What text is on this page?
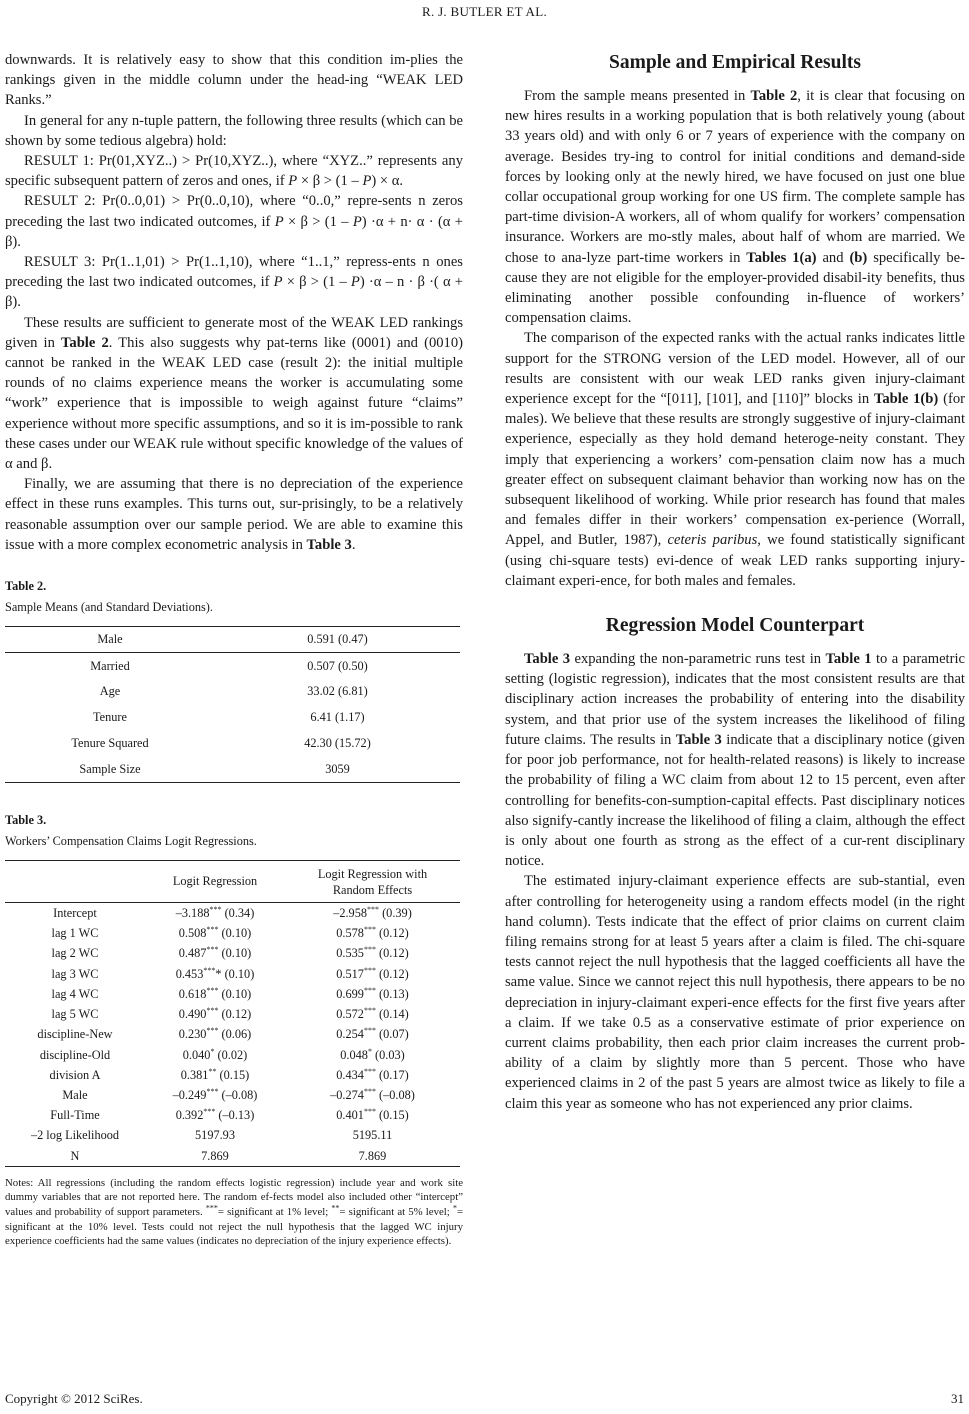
R. J. BUTLER ET AL.

downwards. It is relatively easy to show that this condition im-plies the rankings given in the middle column under the head-ing “WEAK LED Ranks.”

In general for any n-tuple pattern, the following three results (which can be shown by some tedious algebra) hold:

RESULT 1: Pr(01,XYZ..) > Pr(10,XYZ..), where “XYZ..” represents any specific subsequent pattern of zeros and ones, if P × β > (1 – P) × α.

RESULT 2: Pr(0..0,01) > Pr(0..0,10), where “0..0,” repre-sents n zeros preceding the last two indicated outcomes, if P × β > (1 – P) ·α + n· α · (α + β).

RESULT 3: Pr(1..1,01) > Pr(1..1,10), where “1..1,” repress-ents n ones preceding the last two indicated outcomes, if P × β > (1 – P) ·α – n · β ·( α + β).

These results are sufficient to generate most of the WEAK LED rankings given in Table 2. This also suggests why pat-terns like (0001) and (0010) cannot be ranked in the WEAK LED case (result 2): the initial multiple rounds of no claims experience means the worker is accumulating some “work” experience that is impossible to weigh against future “claims” experience without more specific assumptions, and so it is im-possible to rank these cases under our WEAK rule without specific knowledge of the values of α and β.

Finally, we are assuming that there is no depreciation of the experience effect in these runs examples. This turns out, sur-prisingly, to be a relatively reasonable assumption over our sample period. We are able to examine this issue with a more complex econometric analysis in Table 3.

Table 2.

Sample Means (and Standard Deviations).

Male	0.591 (0.47)
Married	0.507 (0.50)
Age	33.02 (6.81)
Tenure	6.41 (1.17)
Tenure Squared	42.30 (15.72)
Sample Size	3059

Table 3.

Workers’ Compensation Claims Logit Regressions.

	Logit Regression	Logit Regression with
Random Effects
Intercept	–3.188*** (0.34)	–2.958*** (0.39)
lag 1 WC	0.508*** (0.10)	0.578*** (0.12)
lag 2 WC	0.487*** (0.10)	0.535*** (0.12)
lag 3 WC	0.453**** (0.10)	0.517*** (0.12)
lag 4 WC	0.618*** (0.10)	0.699*** (0.13)
lag 5 WC	0.490*** (0.12)	0.572*** (0.14)
discipline-New	0.230*** (0.06)	0.254*** (0.07)
discipline-Old	0.040* (0.02)	0.048* (0.03)
division A	0.381** (0.15)	0.434*** (0.17)
Male	–0.249*** (–0.08)	–0.274*** (–0.08)
Full-Time	0.392*** (–0.13)	0.401*** (0.15)
–2 log Likelihood	5197.93	5195.11
N	7.869	7.869

Notes: All regressions (including the random effects logistic regression) include year and work site dummy variables that are not reported here. The random ef-fects model also included other “intercept” values and probability of support parameters. ***= significant at 1% level; **= significant at 5% level; *= significant at the 10% level. Tests could not reject the null hypothesis that the lagged WC injury experience coefficients had the same values (indicates no depreciation of the injury experience effects).

Sample and Empirical Results

From the sample means presented in Table 2, it is clear that focusing on new hires results in a working population that is both relatively young (about 33 years old) and with only 6 or 7 years of experience with the company on average. Besides try-ing to control for initial conditions and demand-side forces by looking only at the newly hired, we have focused on just one blue collar occupational group working for one US firm. The complete sample has part-time division-A workers, all of whom qualify for workers’ compensation insurance. Workers are mo-stly males, about half of whom are married. We chose to ana-lyze part-time workers in Tables 1(a) and (b) specifically be-cause they are not eligible for the employer-provided disabil-ity benefits, thus eliminating another possible confounding in-fluence of workers’ compensation claims.

The comparison of the expected ranks with the actual ranks indicates little support for the STRONG version of the LED model. However, all of our results are consistent with our weak LED ranks given injury-claimant experience except for the “[011], [101], and [110]” blocks in Table 1(b) (for males). We believe that these results are strongly suggestive of injury-claimant experience, especially as they hold demand heteroge-neity constant. They imply that experiencing a workers’ com-pensation claim now has a much greater effect on subsequent claimant behavior than working now has on the subsequent likelihood of working. While prior research has found that males and females differ in their workers’ compensation ex-perience (Worrall, Appel, and Butler, 1987), ceteris paribus, we found statistically significant (using chi-square tests) evi-dence of weak LED ranks supporting injury-claimant experi-ence, for both males and females.

Regression Model Counterpart

Table 3 expanding the non-parametric runs test in Table 1 to a parametric setting (logistic regression), indicates that the most consistent results are that disciplinary action increases the probability of entering into the disability system, and that prior use of the system increases the likelihood of filing future claims. The results in Table 3 indicate that a disciplinary notice (given for poor job performance, not for health-related reasons) is likely to increase the probability of filing a WC claim from about 12 to 15 percent, even after controlling for benefits-con-sumption-capital effects. Past disciplinary notices also signify-cantly increase the likelihood of filing a claim, although the effect is only about one fourth as strong as the effect of a cur-rent disciplinary notice.

The estimated injury-claimant experience effects are sub-stantial, even after controlling for heterogeneity using a random effects model (in the right hand column). Tests indicate that the effect of prior claims on current claim filing remains strong for at least 5 years after a claim is filed. The chi-square tests cannot reject the null hypothesis that the lagged coefficients all have the same value. Since we cannot reject this null hypothesis, there appears to be no depreciation in injury-claimant experi-ence effects for the first five years after a claim. If we take 0.5 as a conservative estimate of prior experience on current claims probability, then each prior claim increases the current prob-ability of a claim by slightly more than 5 percent. Those who have experienced claims in 2 of the past 5 years are almost twice as likely to file a claim this year as someone who has not experienced any prior claims.

Copyright © 2012 SciRes.	31
